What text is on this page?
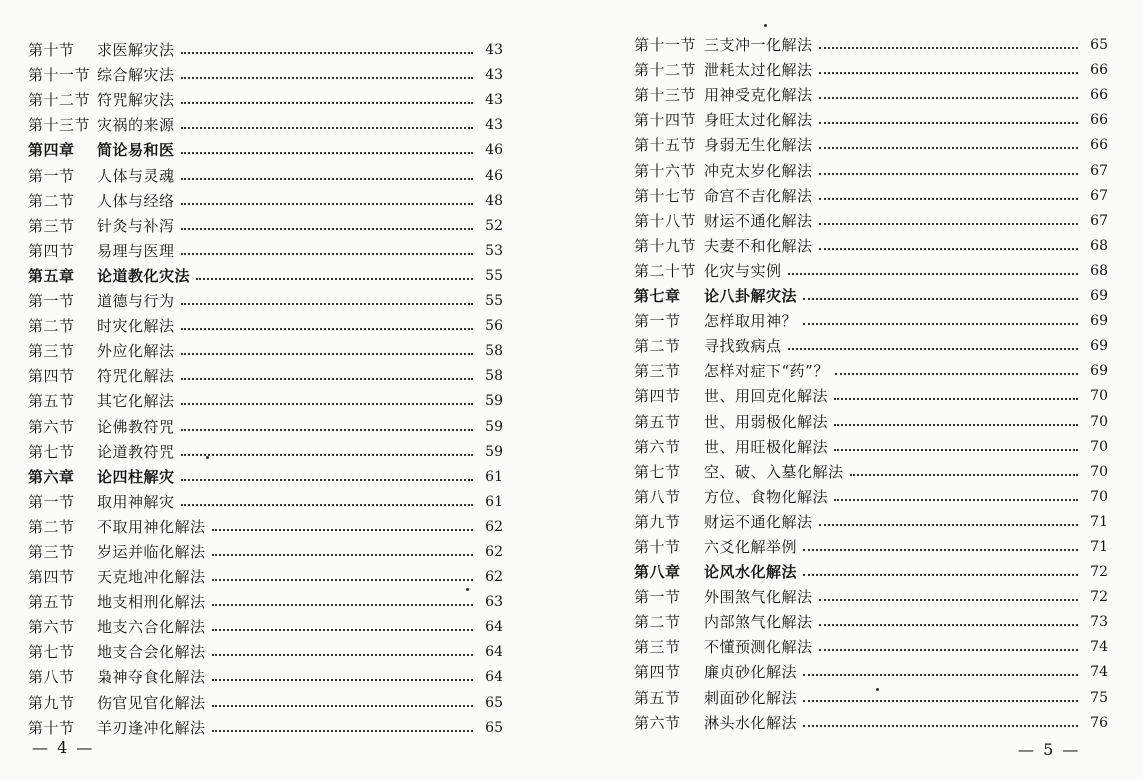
第十节	求医解灾法	43
第十一节 综合解灾法	43
第十二节 符咒解灾法	43
第十三节 灾祸的来源	43
第四章	简论易和医	46
第一节	人体与灵魂	46
第二节	人体与经络	48
第三节	针灸与补泻	52
第四节	易理与医理	53
第五章	论道教化灾法	55
第一节	道德与行为	55
第二节	时灾化解法	56
第三节	外应化解法	58
第四节	符咒化解法	58
第五节	其它化解法	59
第六节	论佛教符咒	59
第七节	论道教符咒	59
第六章	论四柱解灾	61
第一节	取用神解灾	61
第二节	不取用神化解法	62
第三节	岁运并临化解法	62
第四节	天克地冲化解法	62
第五节	地支相刑化解法	63
第六节	地支六合化解法	64
第七节	地支合会化解法	64
第八节	枭神夺食化解法	64
第九节	伤官见官化解法	65
第十节	羊刃逢冲化解法	65
— 4 —
第十一节 三支冲一化解法	65
第十二节 泄耗太过化解法	66
第十三节 用神受克化解法	66
第十四节 身旺太过化解法	66
第十五节 身弱无生化解法	66
第十六节 冲克太岁化解法	67
第十七节 命宫不吉化解法	67
第十八节 财运不通化解法	67
第十九节 夫妻不和化解法	68
第二十节 化灾与实例	68
第七章	论八卦解灾法	69
第一节	怎样取用神？	69
第二节	寻找致病点	69
第三节	怎样对症下“药”？	69
第四节	世、用回克化解法	70
第五节	世、用弱极化解法	70
第六节	世、用旺极化解法	70
第七节	空、破、入墓化解法	70
第八节	方位、食物化解法	70
第九节	财运不通化解法	71
第十节	六爻化解举例	71
第八章	论风水化解法	72
第一节	外围煞气化解法	72
第二节	内部煞气化解法	73
第三节	不懂预测化解法	74
第四节	廉贞砂化解法	74
第五节	刺面砂化解法	75
第六节	淋头水化解法	76
— 5 —
